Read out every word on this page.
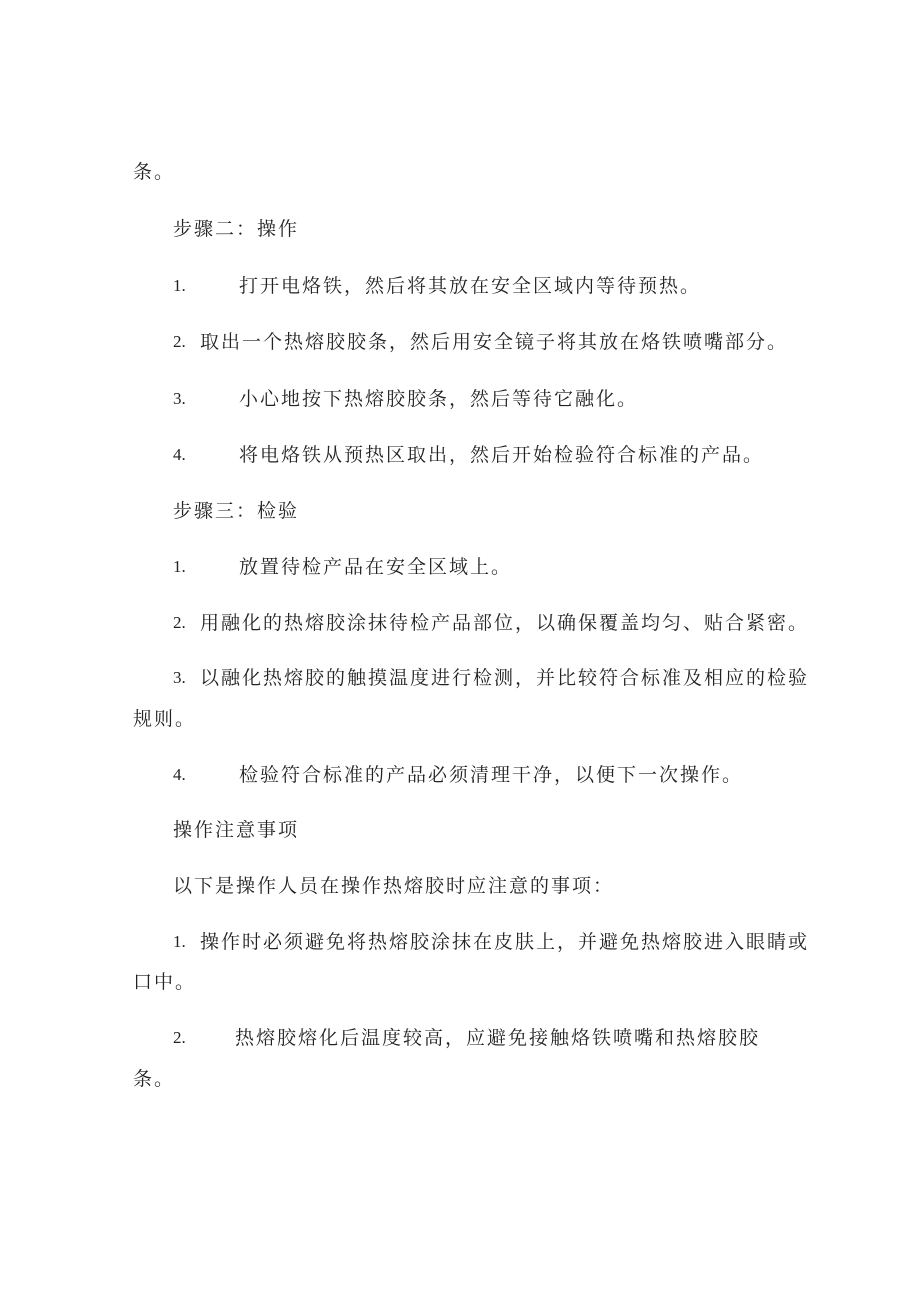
条。
步骤二：操作
1.	打开电烙铁，然后将其放在安全区域内等待预热。
2. 取出一个热熔胶胶条，然后用安全镜子将其放在烙铁喷嘴部分。
3.	小心地按下热熔胶胶条，然后等待它融化。
4.	将电烙铁从预热区取出，然后开始检验符合标准的产品。
步骤三：检验
1.	放置待检产品在安全区域上。
2. 用融化的热熔胶涂抹待检产品部位，以确保覆盖均匀、贴合紧密。
3. 以融化热熔胶的触摸温度进行检测，并比较符合标准及相应的检验
规则。
4.	检验符合标准的产品必须清理干净，以便下一次操作。
操作注意事项
以下是操作人员在操作热熔胶时应注意的事项：
1. 操作时必须避免将热熔胶涂抹在皮肤上，并避免热熔胶进入眼睛或
口中。
2.	热熔胶熔化后温度较高，应避免接触烙铁喷嘴和热熔胶胶
条。
